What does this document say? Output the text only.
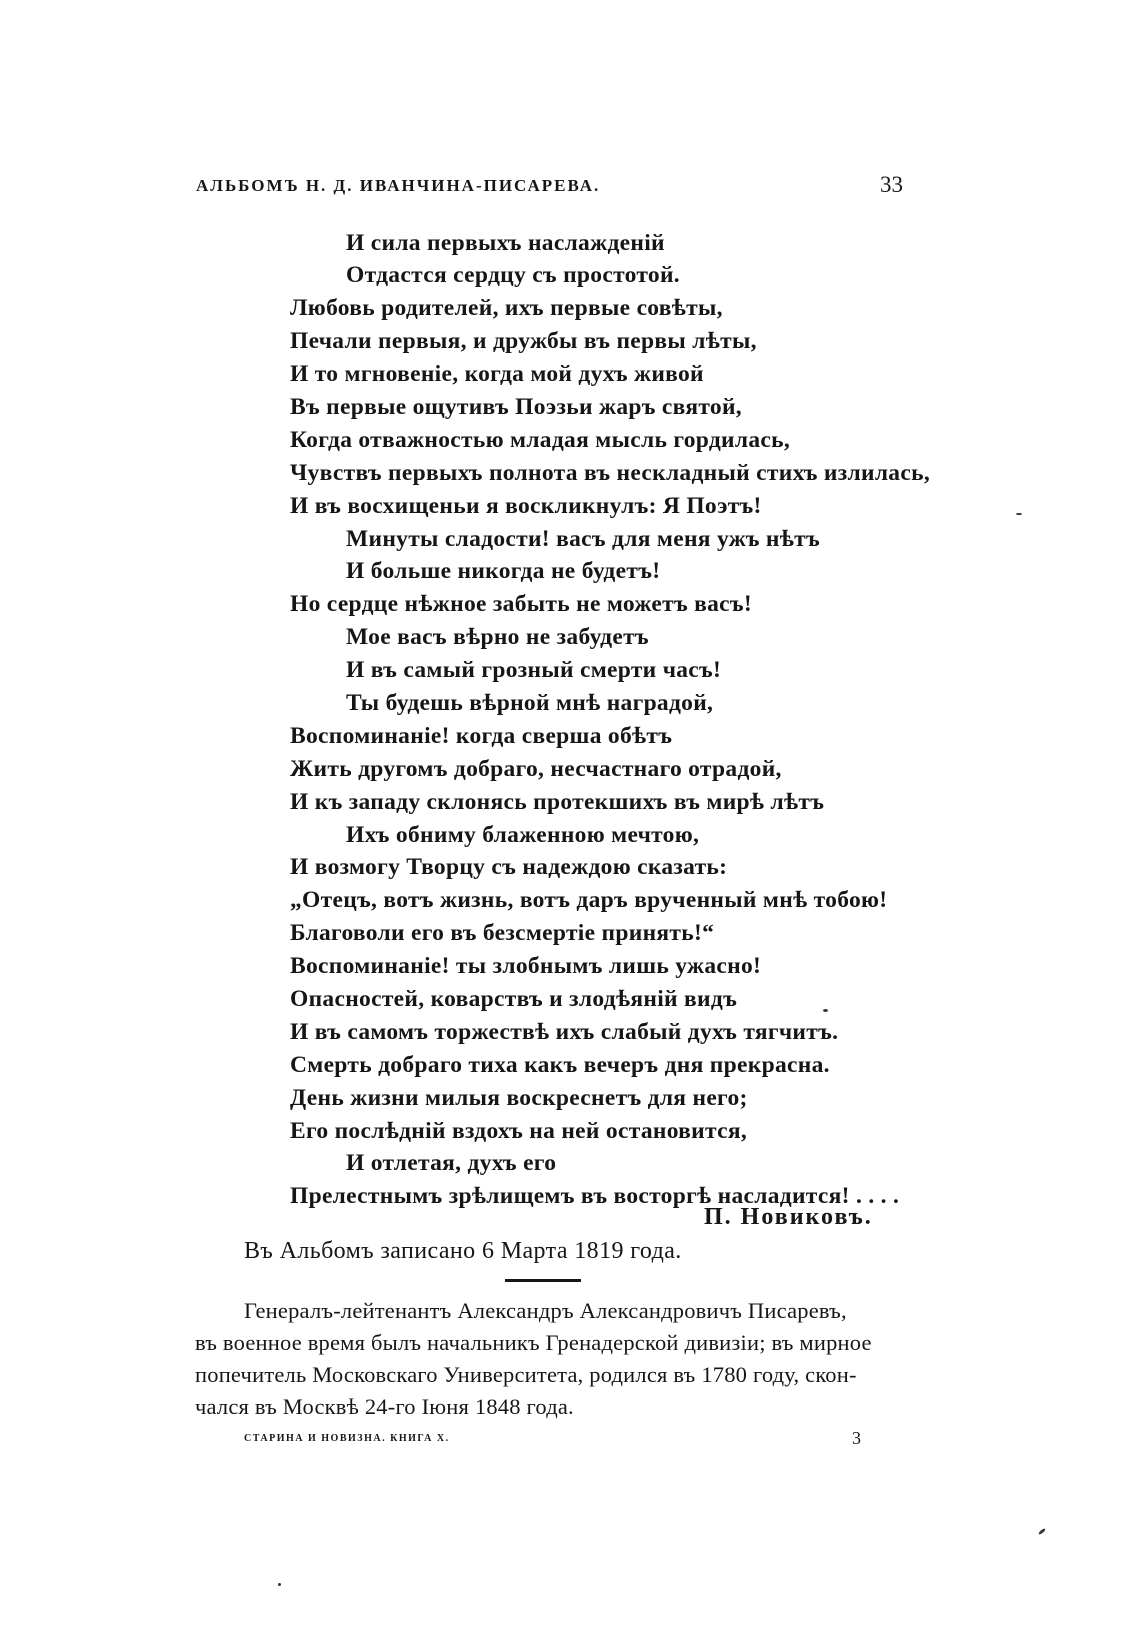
АЛЬБОМЪ Н. Д. ИВАНЧИНА-ПИСАРЕВА.	33
И сила первыхъ наслажденій
Отдастся сердцу съ простотой.
Любовь родителей, ихъ первые совѣты,
Печали первыя, и дружбы въ первы лѣты,
И то мгновеніе, когда мой духъ живой
Въ первые ощутивъ Поэзьи жаръ святой,
Когда отважностью младая мысль гордилась,
Чувствъ первыхъ полнота въ нескладный стихъ излилась,
И въ восхищеньи я воскликнулъ: Я Поэтъ!
Минуты сладости! васъ для меня ужъ нѣтъ
И больше никогда не будетъ!
Но сердце нѣжное забыть не можетъ васъ!
Мое васъ вѣрно не забудетъ
И въ самый грозный смерти часъ!
Ты будешь вѣрной мнѣ наградой,
Воспоминаніе! когда сверша обѣтъ
Жить другомъ добраго, несчастнаго отрадой,
И къ западу склонясь протекшихъ въ мирѣ лѣтъ
Ихъ обниму блаженною мечтою,
И возмогу Творцу съ надеждою сказать:
„Отецъ, вотъ жизнь, вотъ даръ врученный мнѣ тобою!
Благоволи его въ безсмертіе принять!“
Воспоминаніе! ты злобнымъ лишь ужасно!
Опасностей, коварствъ и злодѣяній видъ
И въ самомъ торжествѣ ихъ слабый духъ тягчитъ.
Смерть добраго тиха какъ вечеръ дня прекрасна.
День жизни милыя воскреснетъ для него;
Его послѣдній вздохъ на ней остановится,
И отлетая, духъ его
Прелестнымъ зрѣлищемъ въ восторгѣ насладится! . . . .
П. Новиковъ.
Въ Альбомъ записано 6 Марта 1819 года.
Генералъ-лейтенантъ Александръ Александровичъ Писаревъ,
въ военное время былъ начальникъ Гренадерской дивизіи; въ мирное
попечитель Московскаго Университета, родился въ 1780 году, скон-
чался въ Москвѣ 24-го Іюня 1848 года.
СТАРИНА И НОВИЗНА. КНИГА X.	3
